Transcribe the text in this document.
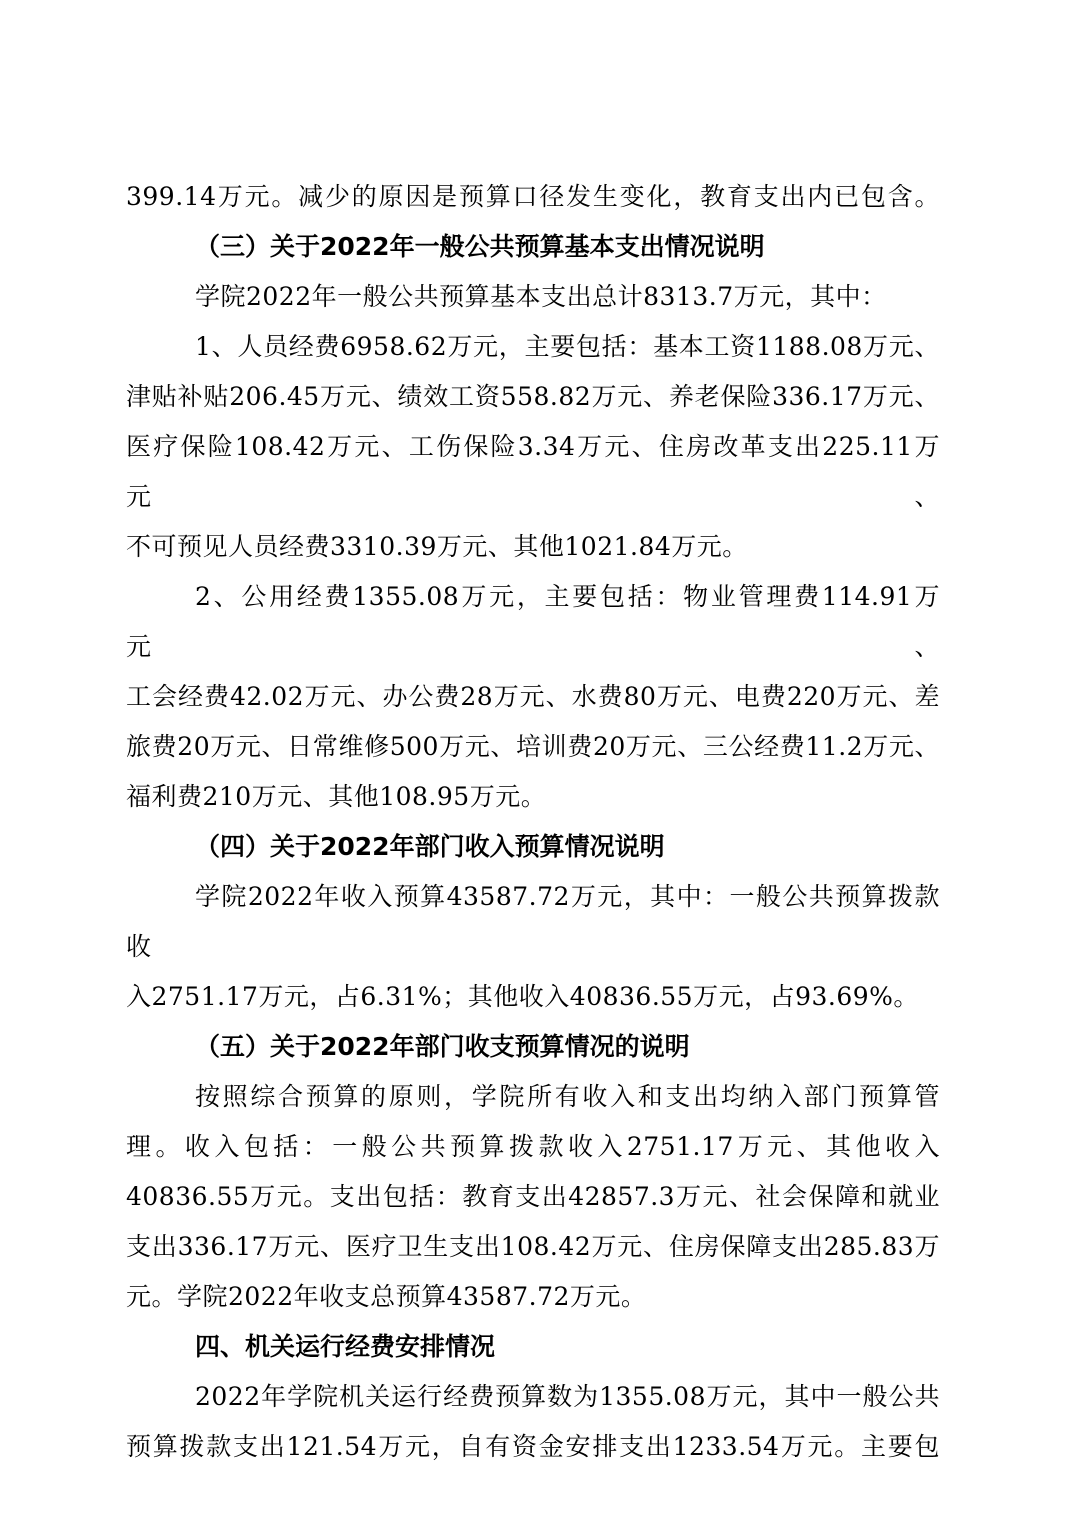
399.14万元。减少的原因是预算口径发生变化，教育支出内已包含。
（三）关于2022年一般公共预算基本支出情况说明
学院2022年一般公共预算基本支出总计8313.7万元，其中：
1、人员经费6958.62万元，主要包括：基本工资1188.08万元、
津贴补贴206.45万元、绩效工资558.82万元、养老保险336.17万元、
医疗保险108.42万元、工伤保险3.34万元、住房改革支出225.11万元、
不可预见人员经费3310.39万元、其他1021.84万元。
2、公用经费1355.08万元，主要包括：物业管理费114.91万元、
工会经费42.02万元、办公费28万元、水费80万元、电费220万元、差
旅费20万元、日常维修500万元、培训费20万元、三公经费11.2万元、
福利费210万元、其他108.95万元。
（四）关于2022年部门收入预算情况说明
学院2022年收入预算43587.72万元，其中：一般公共预算拨款收
入2751.17万元，占6.31%；其他收入40836.55万元，占93.69%。
（五）关于2022年部门收支预算情况的说明
按照综合预算的原则，学院所有收入和支出均纳入部门预算管
理。收入包括：一般公共预算拨款收入2751.17万元、其他收入
40836.55万元。支出包括：教育支出42857.3万元、社会保障和就业
支出336.17万元、医疗卫生支出108.42万元、住房保障支出285.83万
元。学院2022年收支总预算43587.72万元。
四、机关运行经费安排情况
2022年学院机关运行经费预算数为1355.08万元，其中一般公共
预算拨款支出121.54万元，自有资金安排支出1233.54万元。主要包
